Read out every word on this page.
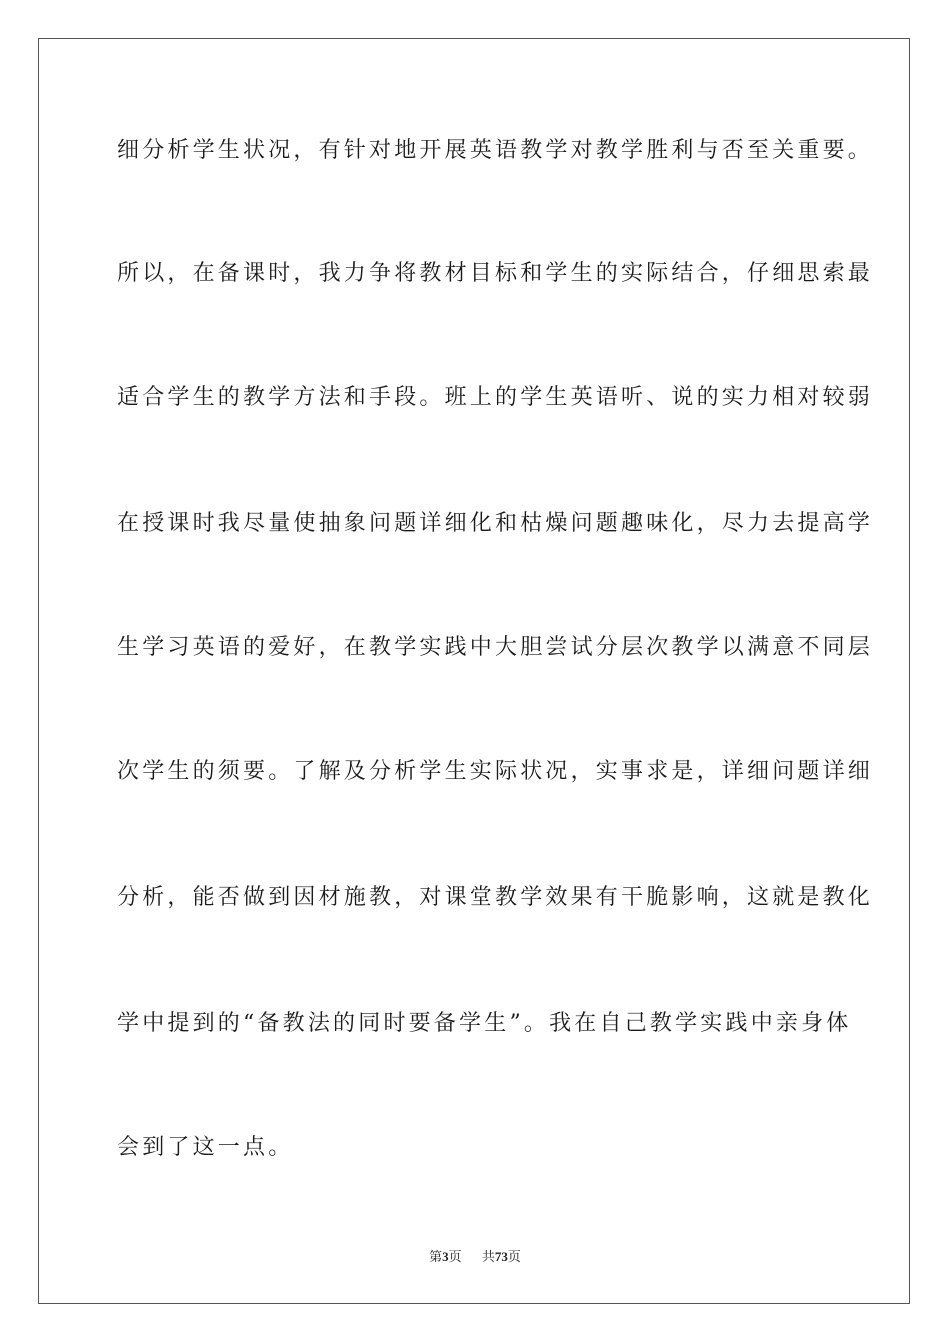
细分析学生状况，有针对地开展英语教学对教学胜利与否至关重要。
所以，在备课时，我力争将教材目标和学生的实际结合，仔细思索最
适合学生的教学方法和手段。班上的学生英语听、说的实力相对较弱
在授课时我尽量使抽象问题详细化和枯燥问题趣味化，尽力去提高学
生学习英语的爱好，在教学实践中大胆尝试分层次教学以满意不同层
次学生的须要。了解及分析学生实际状况，实事求是，详细问题详细
分析，能否做到因材施教，对课堂教学效果有干脆影响，这就是教化
学中提到的“备教法的同时要备学生”。我在自己教学实践中亲身体
会到了这一点。
第3页 共73页
